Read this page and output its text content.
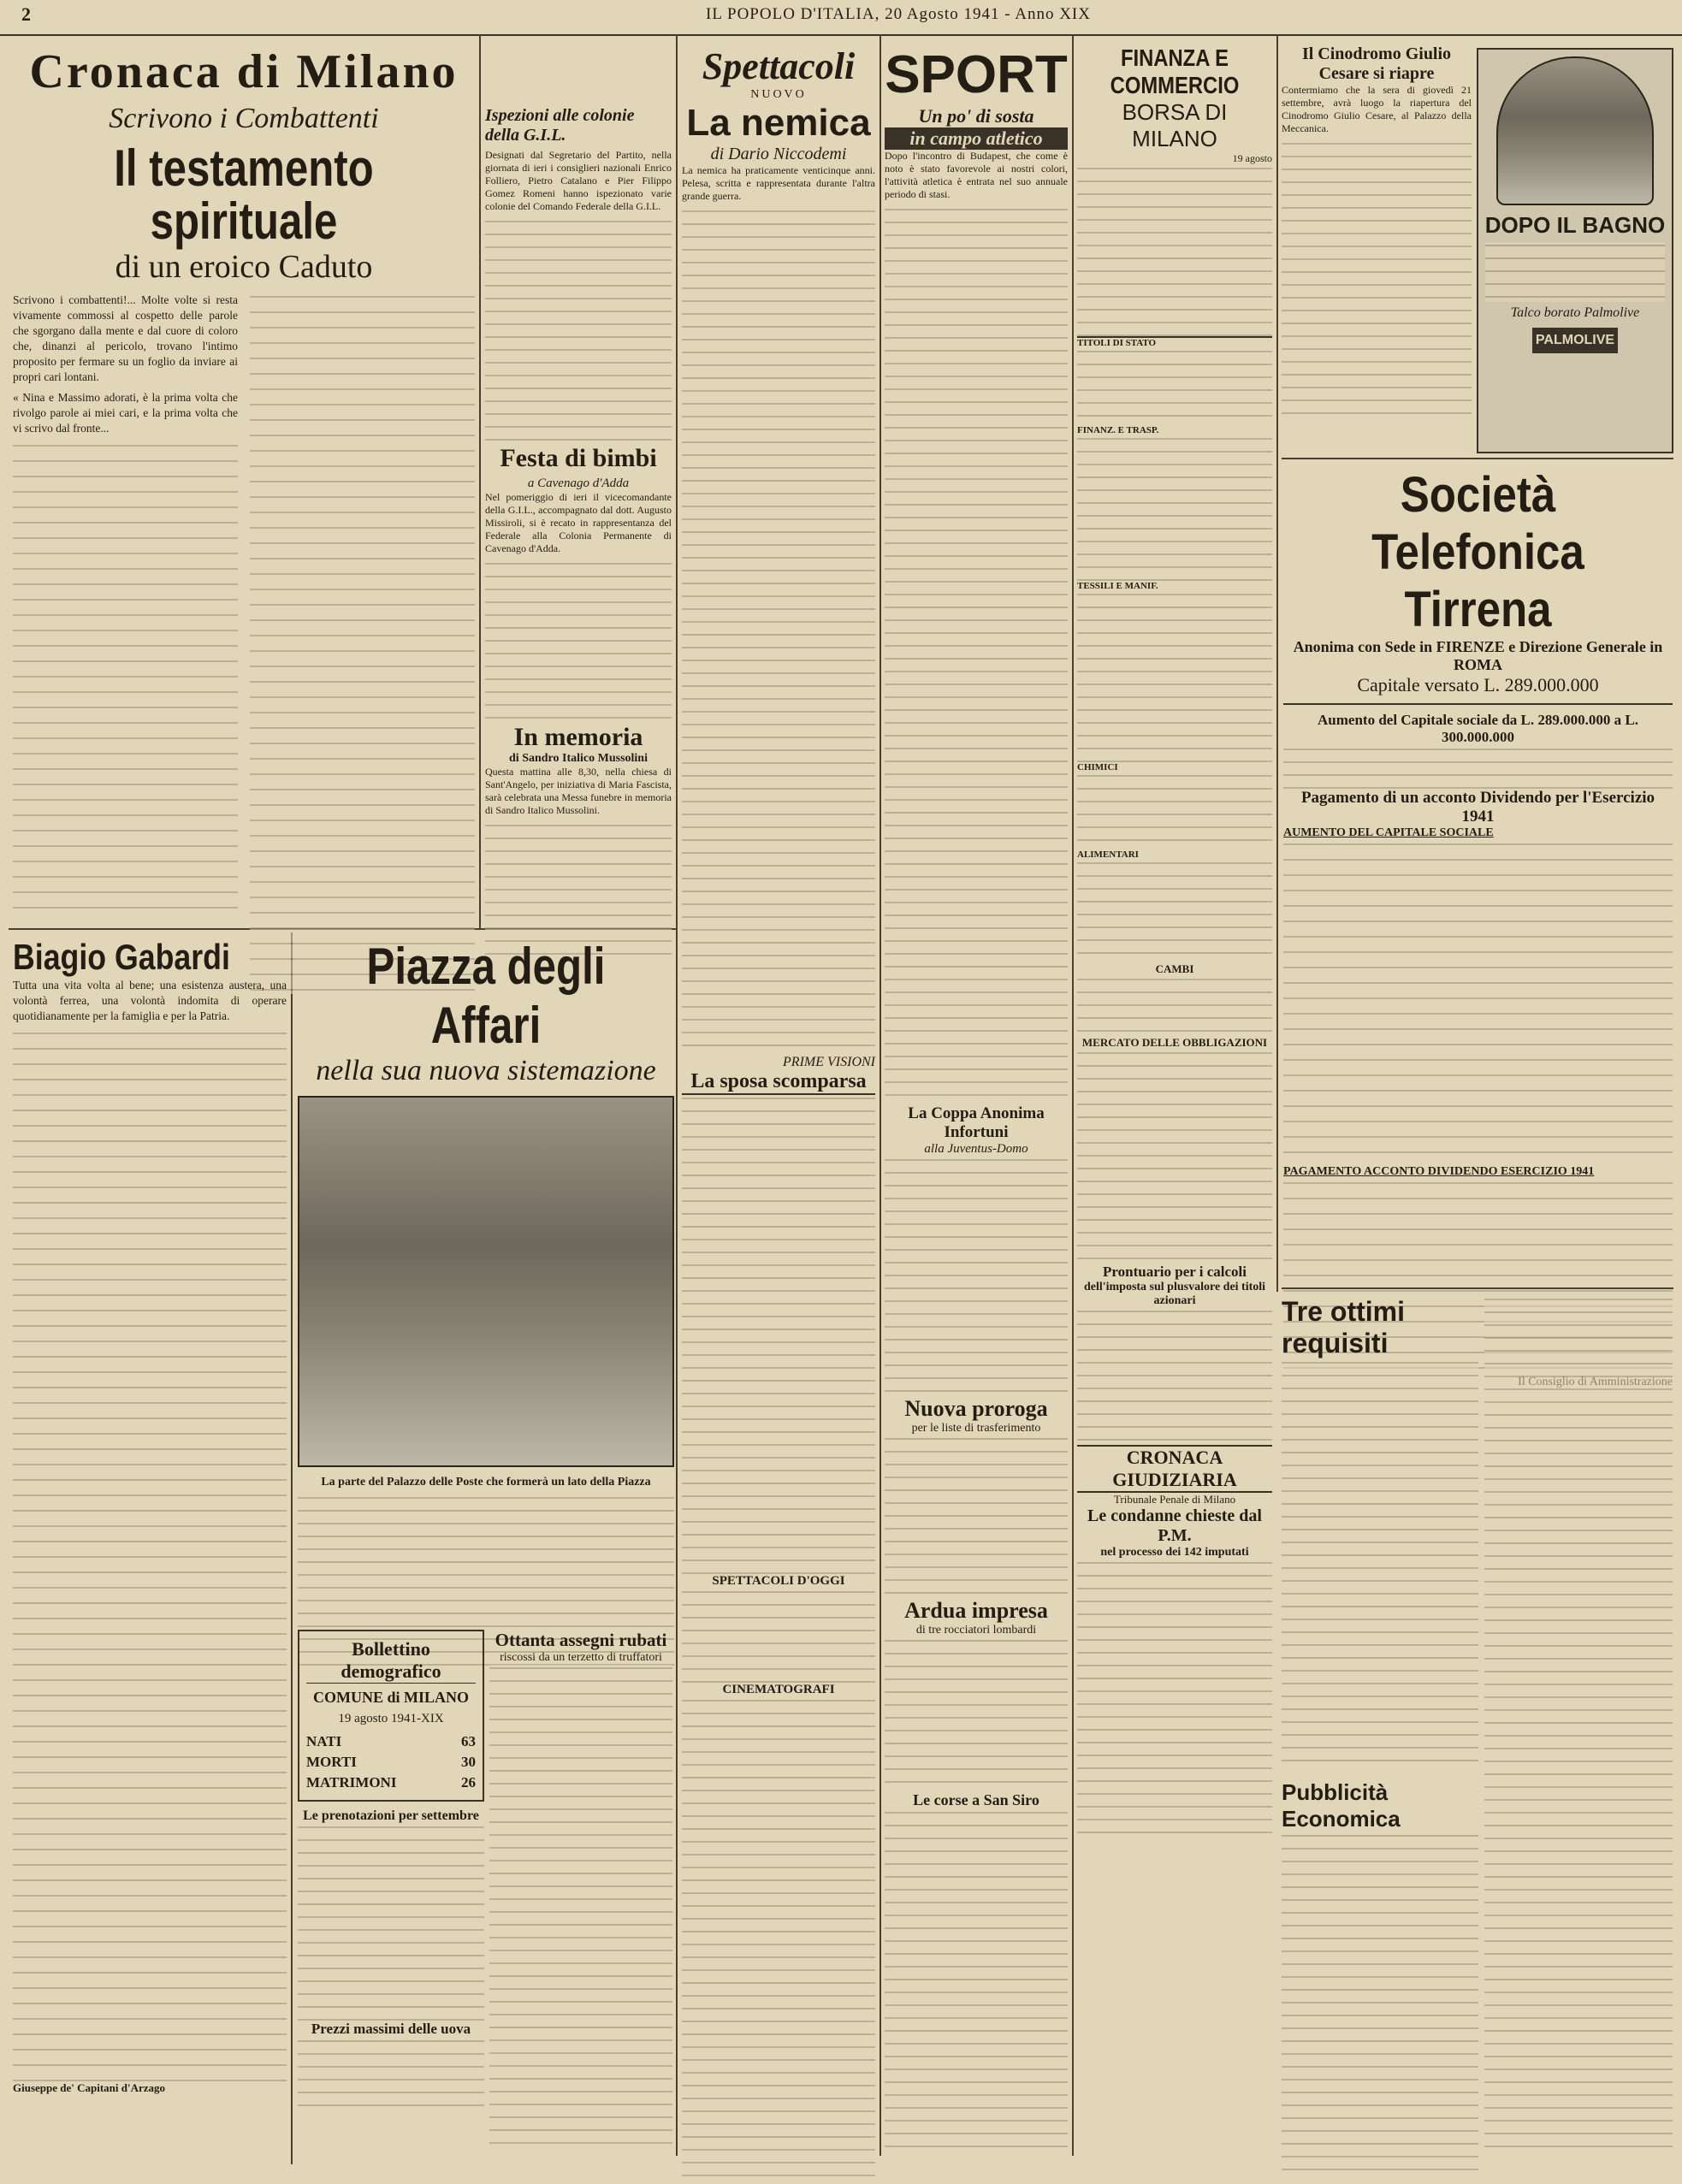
2	IL POPOLO D'ITALIA, 20 Agosto 1941 - Anno XIX
Cronaca di Milano
Scrivono i Combattenti
Il testamento spirituale
di un eroico Caduto

Scrivono i combattenti!... Molte volte si resta vivamente commossi al cospetto delle parole che sgorgano dalla mente e dal cuore di coloro che, dinanzi al pericolo, trovano l'intimo proposito per fermare su un foglio da inviare ai propri cari lontani.

« Nina e Massimo adorati, è la prima volta che rivolgo parole ai miei cari, e la prima volta che vi scrivo dal fronte...

Ispezioni alle colonie della G.I.L.

Designati dal Segretario del Partito, nella giornata di ieri i consiglieri nazionali Enrico Folliero, Pietro Catalano e Pier Filippo Gomez Romeni hanno ispezionato varie colonie del Comando Federale della G.I.L.

Festa di bimbi
a Cavenago d'Adda

Nel pomeriggio di ieri il vicecomandante della G.I.L., accompagnato dal dott. Augusto Missiroli, si è recato in rappresentanza del Federale alla Colonia Permanente di Cavenago d'Adda.

In memoria
di Sandro Italico Mussolini

Questa mattina alle 8,30, nella chiesa di Sant'Angelo, per iniziativa di Maria Fascista, sarà celebrata una Messa funebre in memoria di Sandro Italico Mussolini.

Spettacoli
NUOVO
La nemica
di Dario Niccodemi

La nemica ha praticamente venticinque anni. Pelesa, scritta e rappresentata durante l'altra grande guerra.

PRIME VISIONI
La sposa scomparsa
SPETTACOLI D'OGGI
CINEMATOGRAFI
SPORT
Un po' di sosta
in campo atletico

Dopo l'incontro di Budapest, che come è noto è stato favorevole ai nostri colori, l'attività atletica è entrata nel suo annuale periodo di stasi.

La Coppa Anonima Infortuni
alla Juventus-Domo
Nuova proroga
per le liste di trasferimento
Ardua impresa
di tre rocciatori lombardi
Le corse a San Siro
FINANZA E COMMERCIO
BORSA DI MILANO
19 agosto
TITOLI DI STATO
FINANZ. E TRASP.
TESSILI E MANIF.
CHIMICI
ALIMENTARI
CAMBI
MERCATO DELLE OBBLIGAZIONI
Prontuario per i calcoli
dell'imposta sul plusvalore dei titoli azionari
CRONACA GIUDIZIARIA
Tribunale Penale di Milano
Le condanne chieste dal P.M.
nel processo dei 142 imputati
Il Cinodromo Giulio Cesare si riapre

Contermiamo che la sera di giovedì 21 settembre, avrà luogo la riapertura del Cinodromo Giulio Cesare, al Palazzo della Meccanica.

DOPO IL BAGNO
Talco borato Palmolive
PALMOLIVE
Società Telefonica Tirrena
Anonima con Sede in FIRENZE e Direzione Generale in ROMA
Capitale versato L. 289.000.000
Aumento del Capitale sociale da L. 289.000.000 a L. 300.000.000
Pagamento di un acconto Dividendo per l'Esercizio 1941
AUMENTO DEL CAPITALE SOCIALE
PAGAMENTO ACCONTO DIVIDENDO ESERCIZIO 1941
Tre ottimi requisiti
Pubblicità Economica
Biagio Gabardi

Tutta una vita volta al bene; una esistenza austera, una volontà ferrea, una volontà indomita di operare quotidianamente per la famiglia e per la Patria.

Giuseppe de' Capitani d'Arzago
Piazza degli Affari
nella sua nuova sistemazione
La parte del Palazzo delle Poste che formerà un lato della Piazza
Bollettino demografico
COMUNE di MILANO
19 agosto 1941-XIX
NATI	63
MORTI	30
MATRIMONI	26
Le prenotazioni per settembre
Prezzi massimi delle uova
Ottanta assegni rubati
riscossi da un terzetto di truffatori
